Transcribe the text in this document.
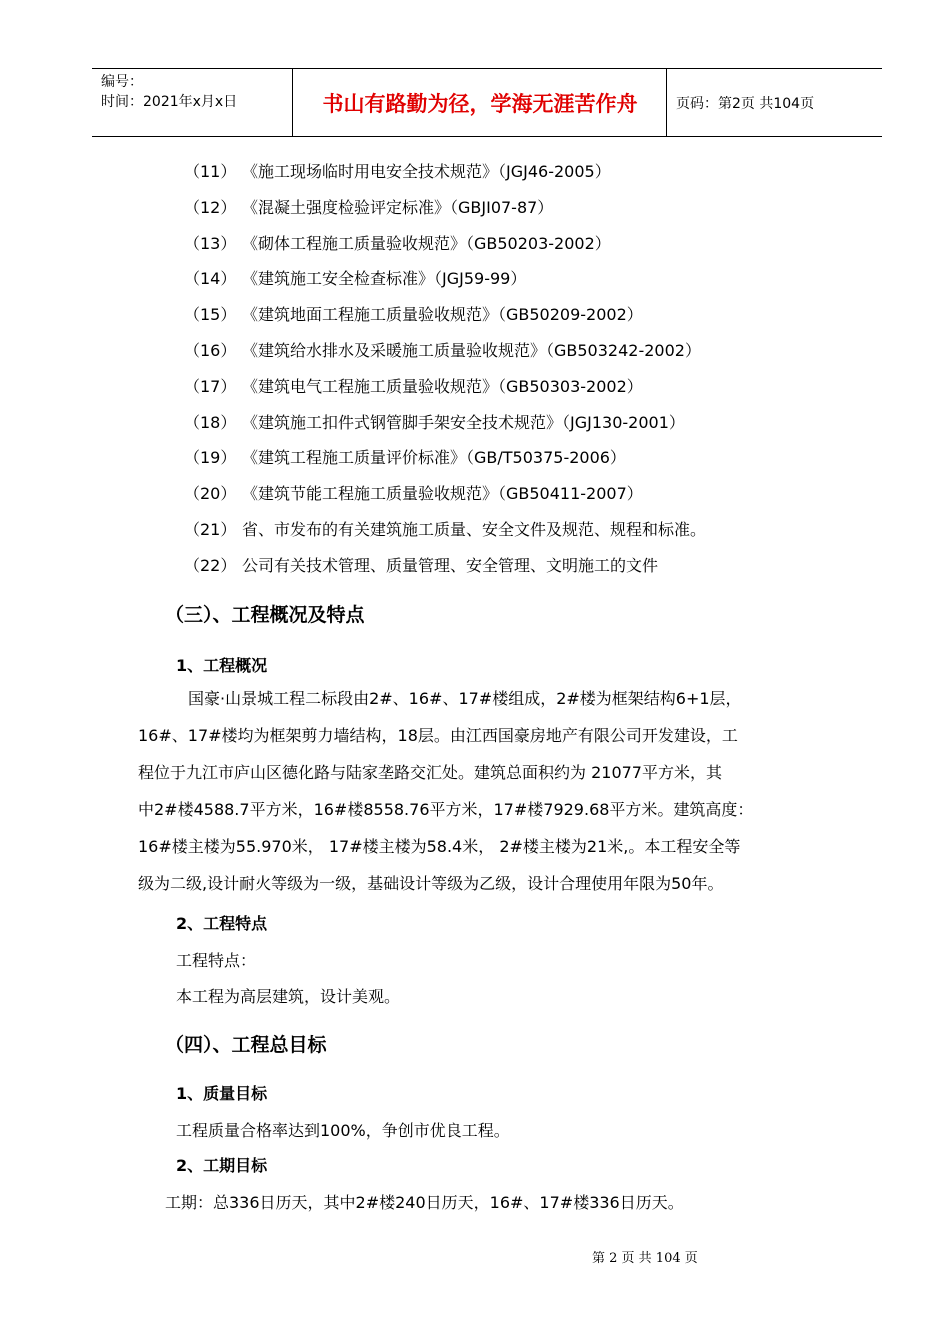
编号：
时间：2021年x月x日	书山有路勤为径，学海无涯苦作舟	页码：第2页 共104页
（11） 《施工现场临时用电安全技术规范》（JGJ46-2005）
（12） 《混凝土强度检验评定标准》（GBJI07-87）
（13） 《砌体工程施工质量验收规范》（GB50203-2002）
（14） 《建筑施工安全检查标准》（JGJ59-99）
（15） 《建筑地面工程施工质量验收规范》（GB50209-2002）
（16） 《建筑给水排水及采暖施工质量验收规范》（GB503242-2002）
（17） 《建筑电气工程施工质量验收规范》（GB50303-2002）
（18） 《建筑施工扣件式钢管脚手架安全技术规范》（JGJ130-2001）
（19） 《建筑工程施工质量评价标准》（GB/T50375-2006）
（20） 《建筑节能工程施工质量验收规范》（GB50411-2007）
（21） 省、市发布的有关建筑施工质量、安全文件及规范、规程和标准。
（22） 公司有关技术管理、质量管理、安全管理、文明施工的文件
（三）、工程概况及特点
1、工程概况
国豪·山景城工程二标段由2#、16#、17#楼组成，2#楼为框架结构6+1层，
16#、17#楼均为框架剪力墙结构，18层。由江西国豪房地产有限公司开发建设，工
程位于九江市庐山区德化路与陆家垄路交汇处。建筑总面积约为 21077平方米，其
中2#楼4588.7平方米，16#楼8558.76平方米，17#楼7929.68平方米。建筑高度：
16#楼主楼为55.970米， 17#楼主楼为58.4米， 2#楼主楼为21米,。本工程安全等
级为二级,设计耐火等级为一级，基础设计等级为乙级，设计合理使用年限为50年。
2、工程特点
工程特点：
本工程为高层建筑，设计美观。
（四）、工程总目标
1、质量目标
工程质量合格率达到100%，争创市优良工程。
2、工期目标
工期：总336日历天，其中2#楼240日历天，16#、17#楼336日历天。
第 2 页 共 104 页
